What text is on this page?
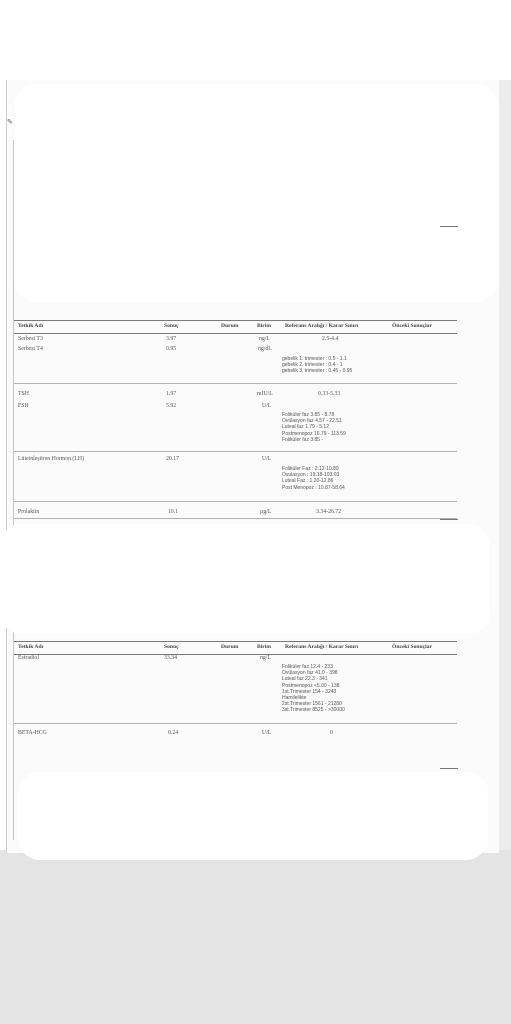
✎
Tetkik Adı	Sonuç	Durum	Birim	Referans Aralığı / Karar Sınırı	Önceki Sonuçlar
Serbest T3	3.97	ng/L	2.5-4.4
Serbest T4	0.95	ng/dL
gebelik 1. trimester : 0.5 - 1.1
gebelik 2. trimester : 0.4 - 1
gebelik 3. trimester : 0.45 - 0.95
TSH	1.97	mIU/L	0.33-5.33
FSH	5.92	U/L
Foliküler faz 3.85 - 8.78
Ovülasyon faz 4.57 - 22.51
Luteal faz 1.79 - 5.12
Postmenopoz 16.79 - 113.59
Foliküler faz 3.85 -
Lüteinleştiren Hormon (LH)	20.17	U/L
Foliküler Faz : 2.12-10.89
Ovulasyon : 19.18-103.03
Luteal Faz : 1.20-12.86
Post Menopoz : 10.87-58.64
Prolaktin	10.1	µg/L	3.34-26.72
Tetkik Adı	Sonuç	Durum	Birim	Referans Aralığı / Karar Sınırı	Önceki Sonuçlar
Estradiol	33.34	ng/L
Foliküler faz 12.4 - 233
Ovülasyon faz 41.0 - 398
Luteal faz 22.3 - 341
Postmenopoz <5.00 - 138
1st.Trimester 154 - 3243
Hamilelikte
2st.Trimester 1561 - 21280
3st.Trimester 8525 - >30000
BETA-HCG	0.24	U/L	0
